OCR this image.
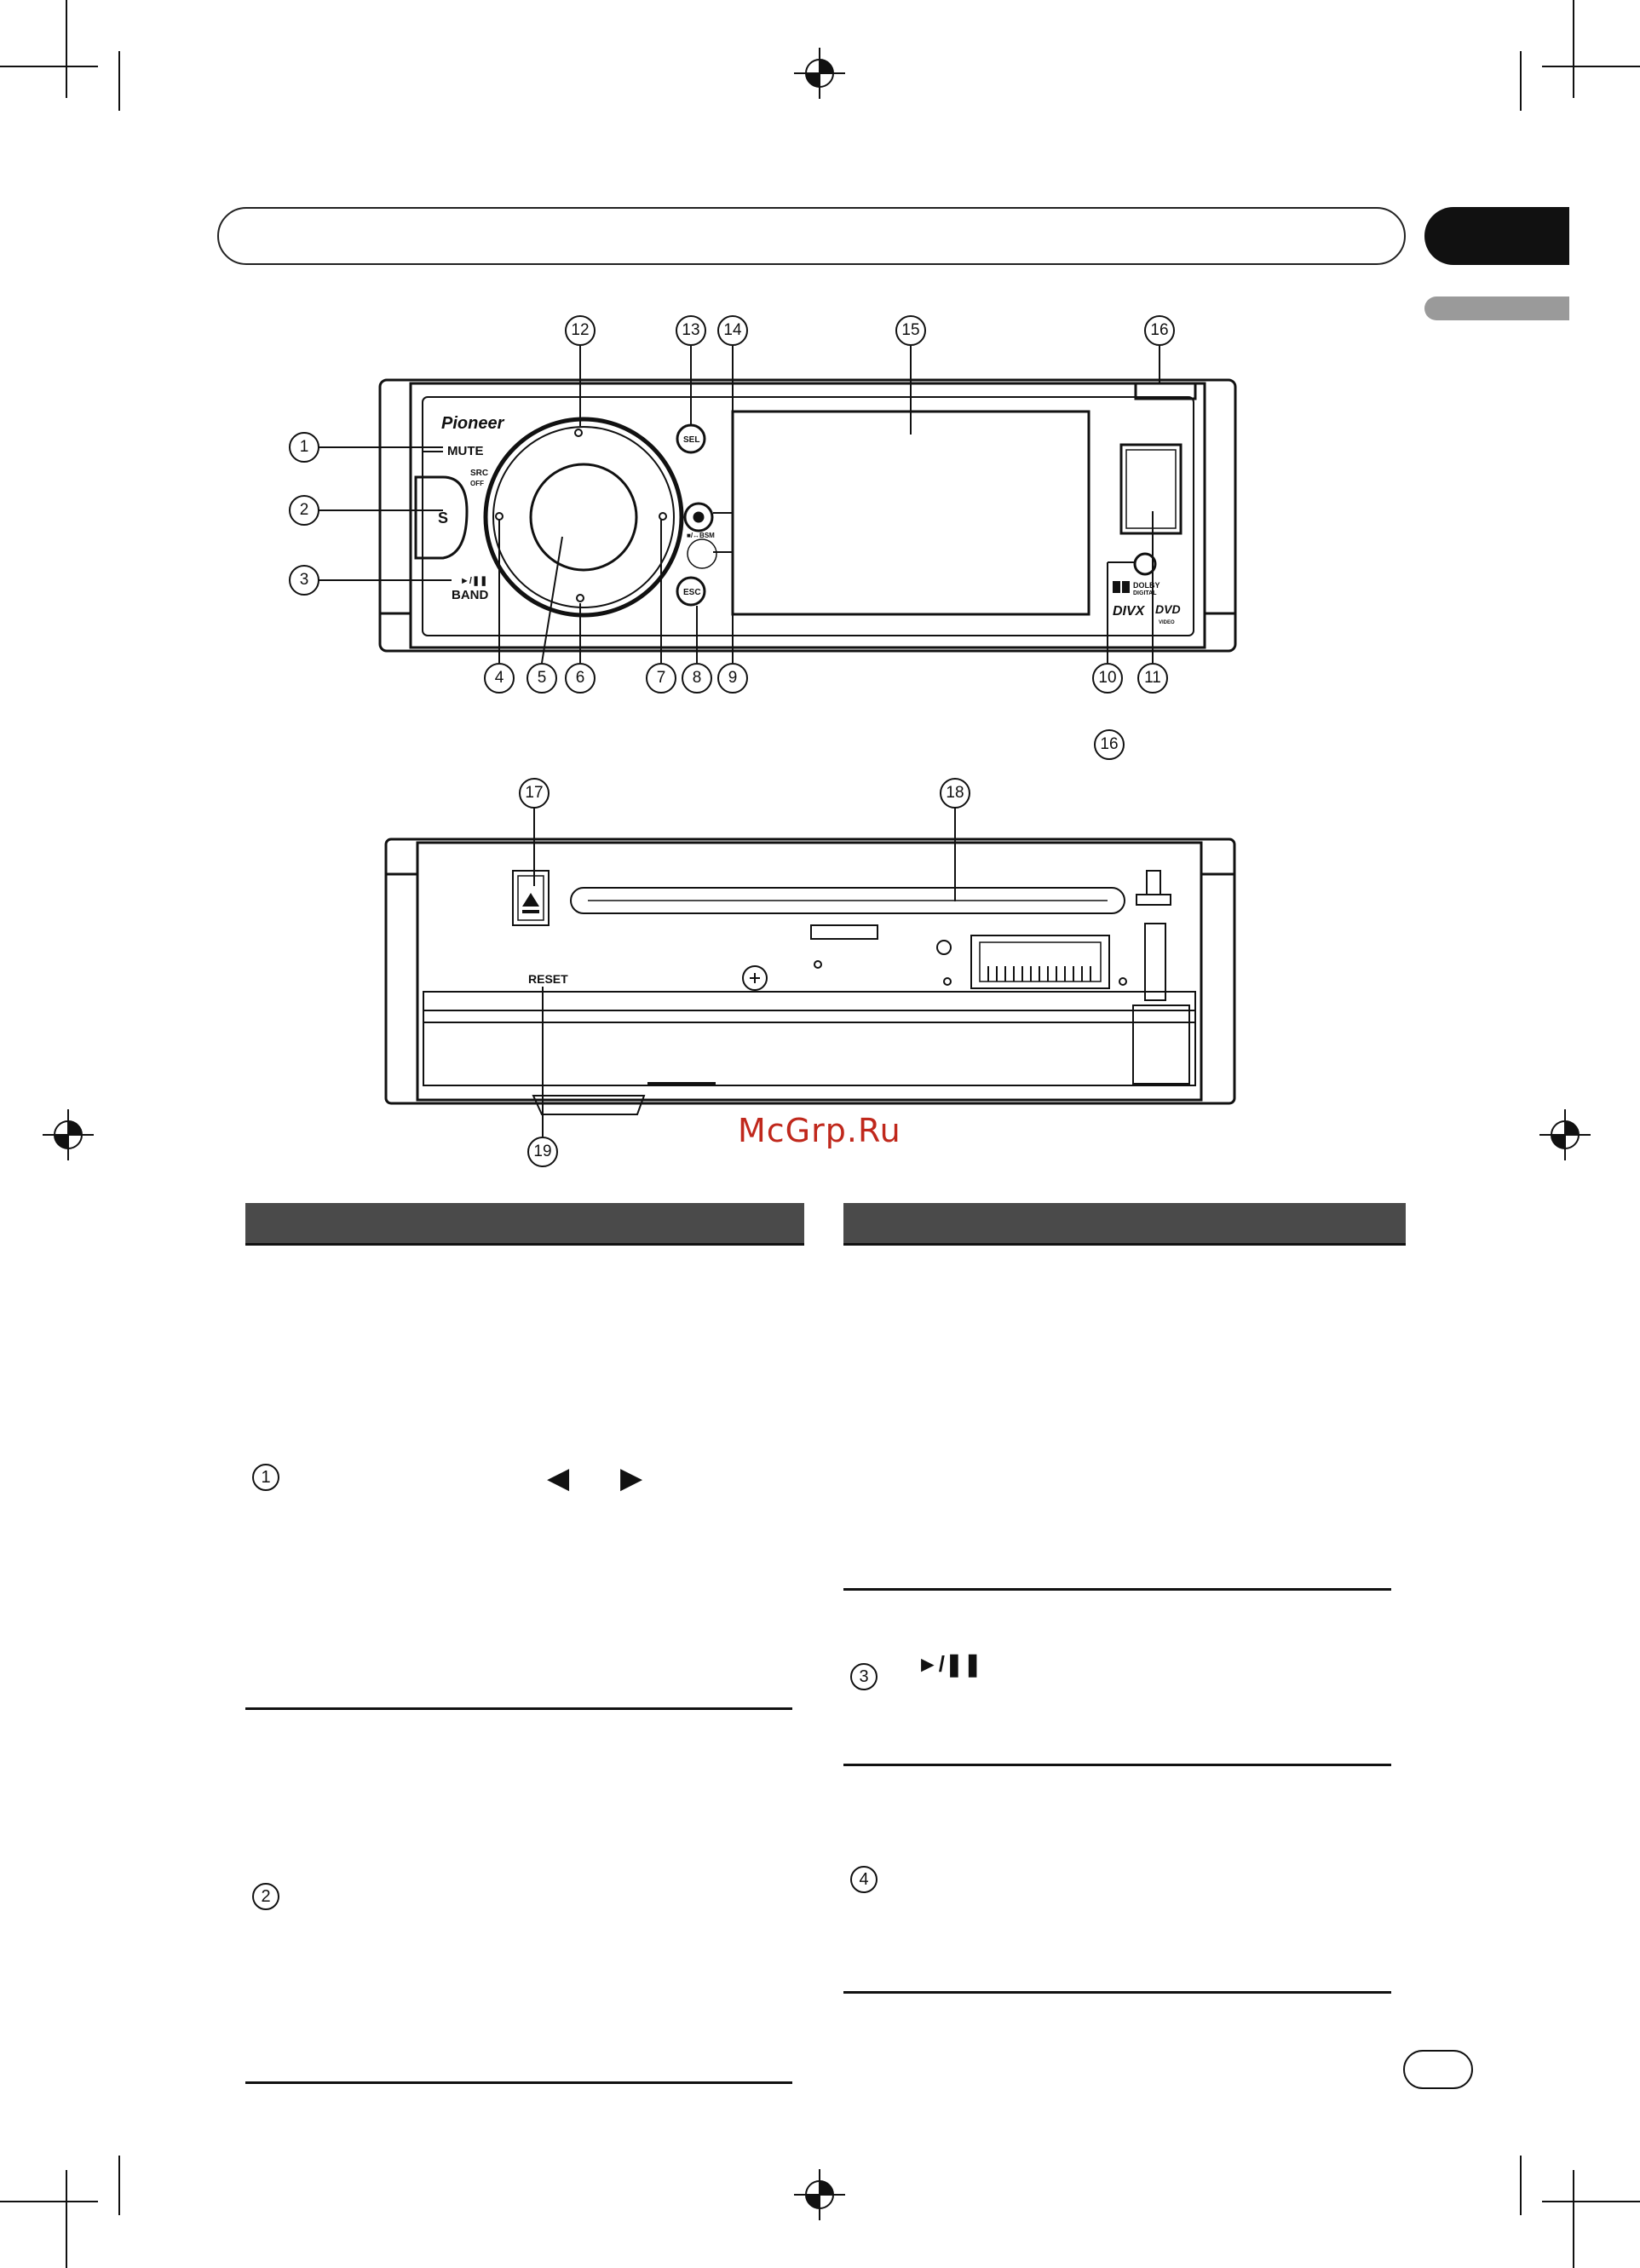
Pioneer
MUTE
SRC
OFF
S
►/❚❚
BAND
SEL
■/↔BSM
ESC
DOLBY
DIGITAL
DIVX DVD
VIDEO
1
2
3
4	5	6	7	8	9	10	11
12	13	14	15	16
16
RESET
17	18
19
McGrp.Ru
1	◀ ▶
2
3	►/❚❚
4
